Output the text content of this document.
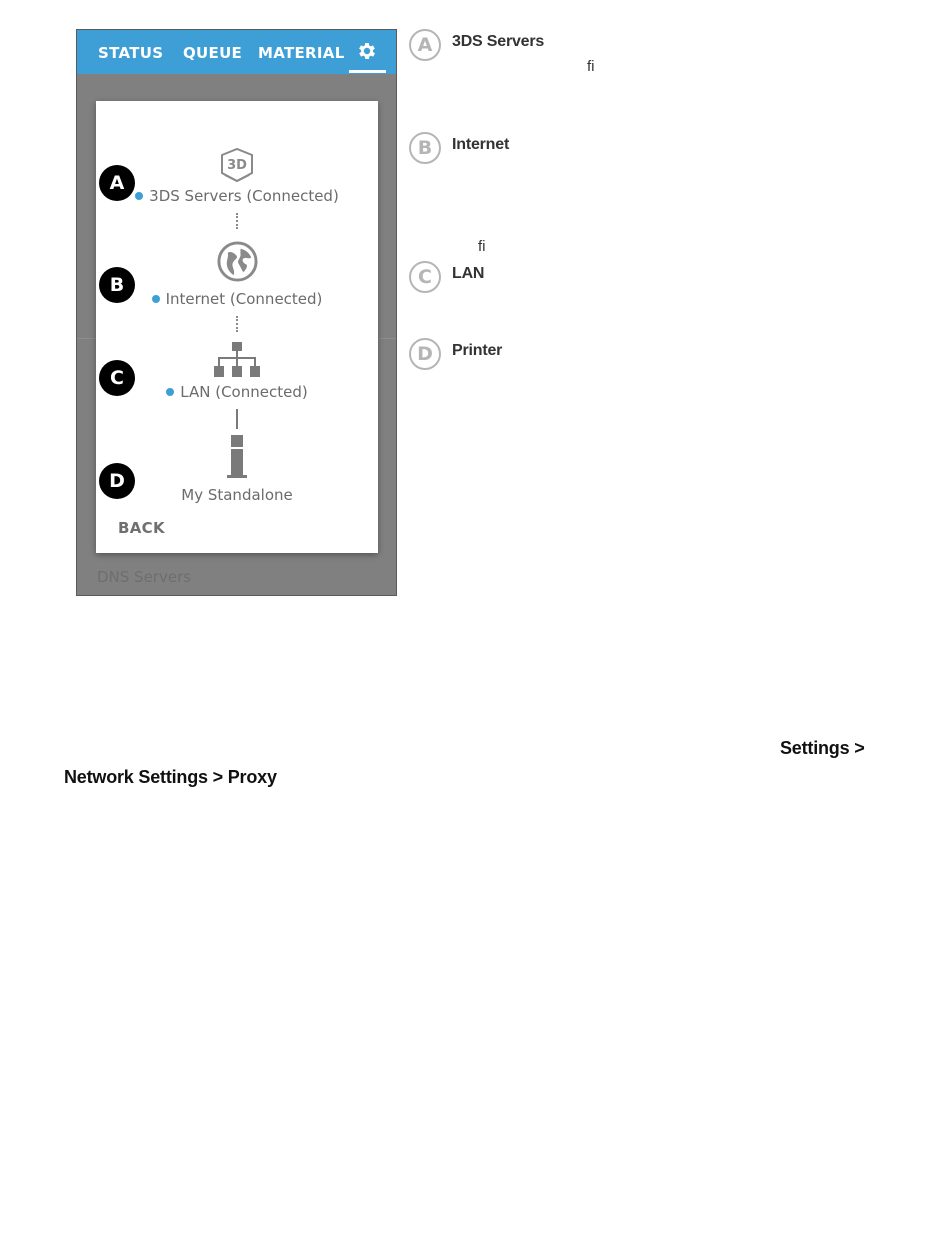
STATUS QUEUE MATERIAL
DNS Servers
3D
3DS Servers (Connected)
Internet (Connected)
LAN (Connected)
My Standalone
BACK
A
B
C
D
A	3DS Servers
ﬁ
B	Internet
ﬁ
C	LAN
D	Printer
Settings >
Network Settings > Proxy
